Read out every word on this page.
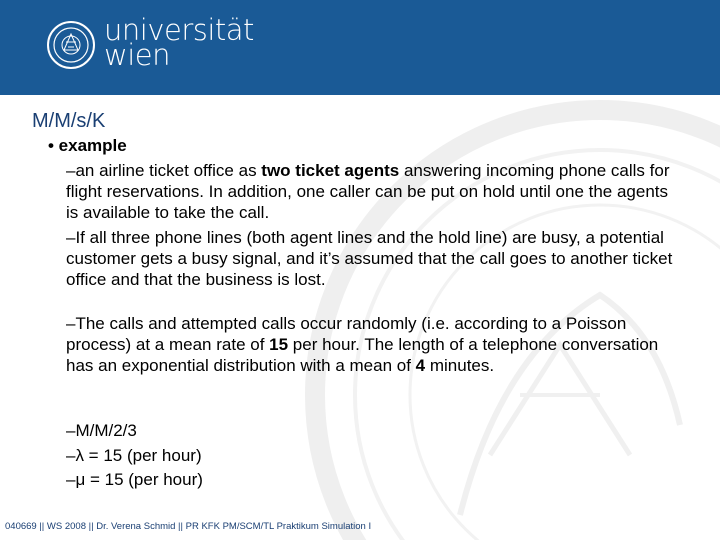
universität
wien
M/M/s/K
• example
–an airline ticket office as two ticket agents answering incoming phone calls for flight reservations. In addition, one caller can be put on hold until one the agents is available to take the call.
–If all three phone lines (both agent lines and the hold line) are busy, a potential customer gets a busy signal, and it’s assumed that the call goes to another ticket office and that the business is lost.
–The calls and attempted calls occur randomly (i.e. according to a Poisson process) at a mean rate of 15 per hour. The length of a telephone conversation has an exponential distribution with a mean of 4 minutes.
–M/M/2/3
–λ = 15 (per hour)
–μ = 15 (per hour)
040669 || WS 2008 || Dr. Verena Schmid || PR KFK PM/SCM/TL Praktikum Simulation I
